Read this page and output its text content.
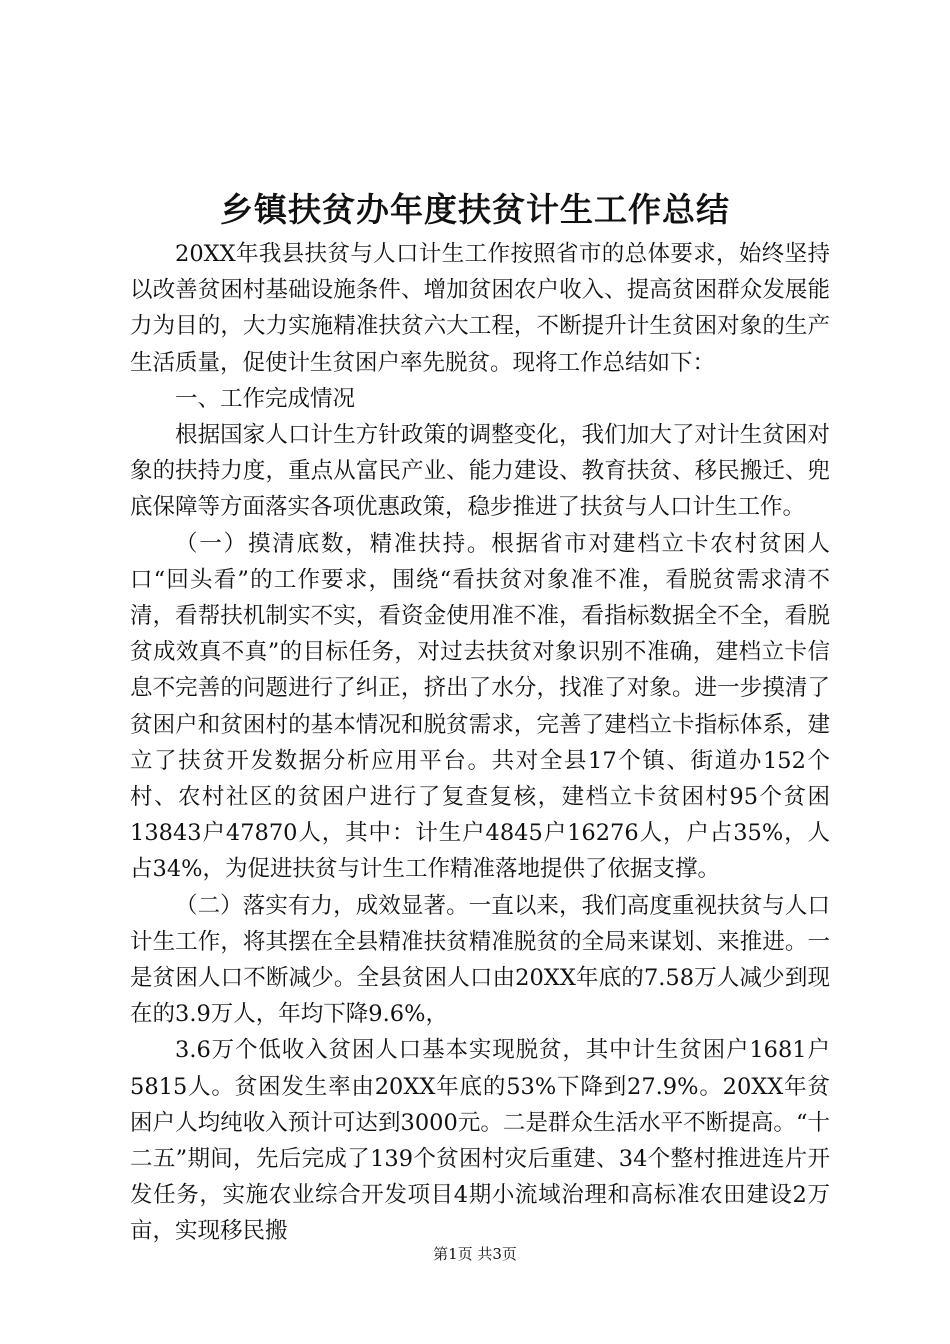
乡镇扶贫办年度扶贫计生工作总结

20XX年我县扶贫与人口计生工作按照省市的总体要求，始终坚持以改善贫困村基础设施条件、增加贫困农户收入、提高贫困群众发展能力为目的，大力实施精准扶贫六大工程，不断提升计生贫困对象的生产生活质量，促使计生贫困户率先脱贫。现将工作总结如下：

一、工作完成情况

根据国家人口计生方针政策的调整变化，我们加大了对计生贫困对象的扶持力度，重点从富民产业、能力建设、教育扶贫、移民搬迁、兜底保障等方面落实各项优惠政策，稳步推进了扶贫与人口计生工作。

（一）摸清底数，精准扶持。根据省市对建档立卡农村贫困人口“回头看”的工作要求，围绕“看扶贫对象准不准，看脱贫需求清不清，看帮扶机制实不实，看资金使用准不准，看指标数据全不全，看脱贫成效真不真”的目标任务，对过去扶贫对象识别不准确，建档立卡信息不完善的问题进行了纠正，挤出了水分，找准了对象。进一步摸清了贫困户和贫困村的基本情况和脱贫需求，完善了建档立卡指标体系，建立了扶贫开发数据分析应用平台。共对全县17个镇、街道办152个村、农村社区的贫困户进行了复查复核，建档立卡贫困村95个贫困13843户47870人，其中：计生户4845户16276人，户占35%，人占34%，为促进扶贫与计生工作精准落地提供了依据支撑。

（二）落实有力，成效显著。一直以来，我们高度重视扶贫与人口计生工作，将其摆在全县精准扶贫精准脱贫的全局来谋划、来推进。一是贫困人口不断减少。全县贫困人口由20XX年底的7.58万人减少到现在的3.9万人，年均下降9.6%，

3.6万个低收入贫困人口基本实现脱贫，其中计生贫困户1681户5815人。贫困发生率由20XX年底的53%下降到27.9%。20XX年贫困户人均纯收入预计可达到3000元。二是群众生活水平不断提高。“十二五”期间，先后完成了139个贫困村灾后重建、34个整村推进连片开发任务，实施农业综合开发项目4期小流域治理和高标准农田建设2万亩，实现移民搬

第1页 共3页
